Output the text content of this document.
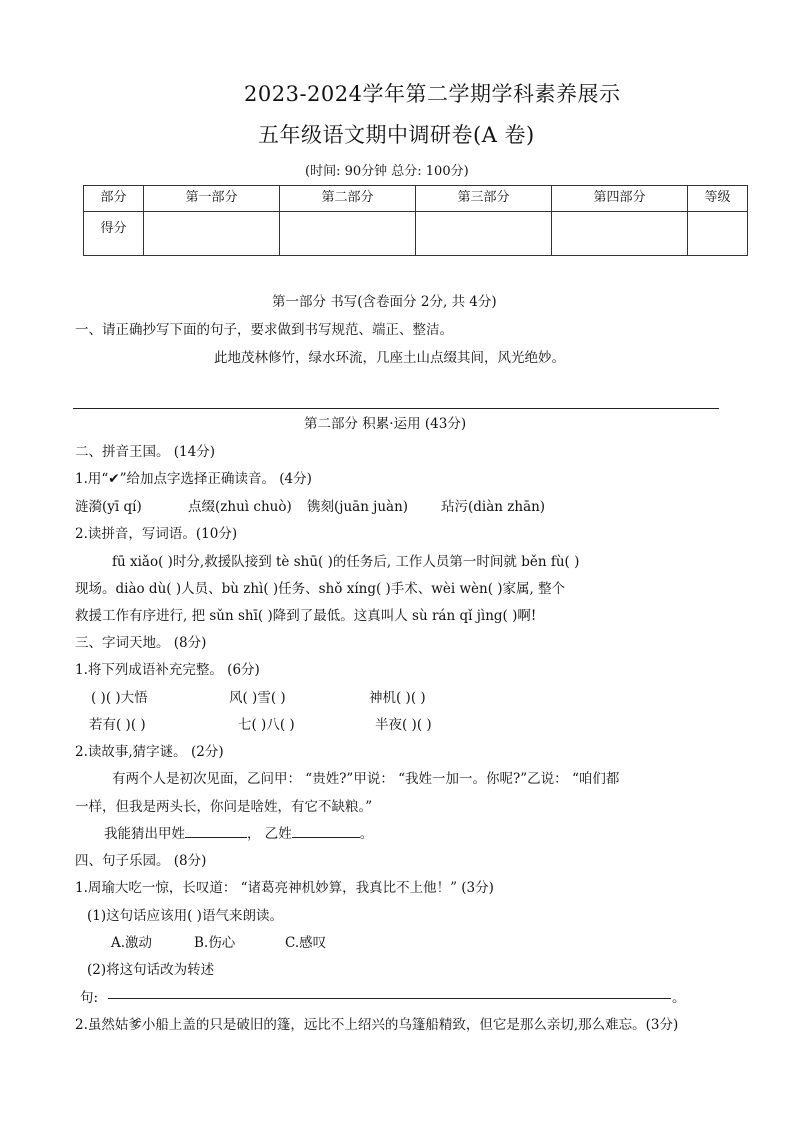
2023-2024学年第二学期学科素养展示
五年级语文期中调研卷(A 卷)
(时间: 90分钟 总分: 100分)
部分	第一部分	第二部分	第三部分	第四部分	等级
得分					
第一部分 书写(含卷面分 2分, 共 4分)
一、请正确抄写下面的句子，要求做到书写规范、端正、整洁。
此地茂林修竹，绿水环流，几座土山点缀其间，风光绝妙。
第二部分 积累·运用 (43分)
二、拼音王国。 (14分)
1.用“✔”给加点字选择正确读音。 (4分)
涟漪(yī qí)	点缀(zhuì chuò) 镌刻(juān juàn) 玷污(diàn zhān)
2.读拼音，写词语。(10分)
fū xiǎo( )时分,救援队接到 tè shū( )的任务后, 工作人员第一时间就 běn fù( )
现场。diào dù( )人员、bù zhì( )任务、shǒ xíng( )手术、wèi wèn( )家属, 整个
救援工作有序进行, 把 sǔn shī( )降到了最低。这真叫人 sù rán qǐ jìng( )啊!
三、字词天地。 (8分)
1.将下列成语补充完整。 (6分)
( )( )大悟	风( )雪( )	神机( )( )
若有( )( )	七( )八( )	半夜( )( )
2.读故事,猜字谜。 (2分)
有两个人是初次见面，乙问甲： “贵姓?”甲说： “我姓一加一。你呢?”乙说： “咱们都
一样，但我是两头长，你问是啥姓，有它不缺粮。”
我能猜出甲姓	， 乙姓	。
四、句子乐园。 (8分)
1.周瑜大吃一惊，长叹道： “诸葛亮神机妙算，我真比不上他！” (3分)
(1)这句话应该用( )语气来朗读。
A.激动	B.伤心	C.感叹
(2)将这句话改为转述
句:	。
2.虽然姑爹小船上盖的只是破旧的篷，远比不上绍兴的乌篷船精致，但它是那么亲切,那么难忘。(3分)
